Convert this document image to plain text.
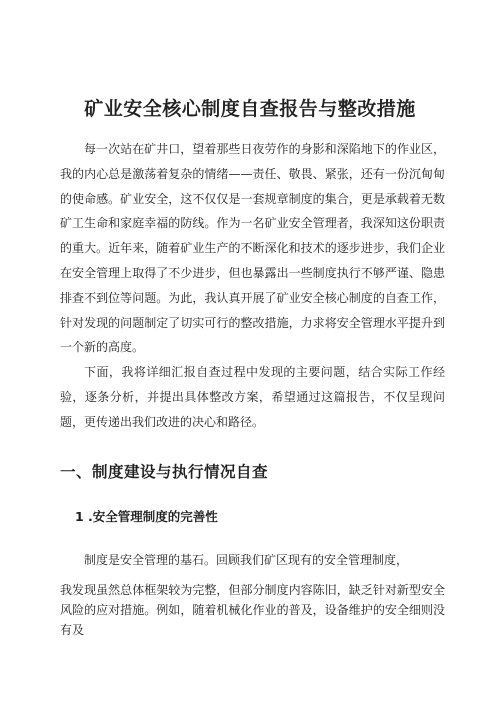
矿业安全核心制度自查报告与整改措施

每一次站在矿井口，望着那些日夜劳作的身影和深陷地下的作业区，我的内心总是激荡着复杂的情绪——责任、敬畏、紧张，还有一份沉甸甸的使命感。矿业安全，这不仅仅是一套规章制度的集合，更是承载着无数矿工生命和家庭幸福的防线。作为一名矿业安全管理者，我深知这份职责的重大。近年来，随着矿业生产的不断深化和技术的逐步进步，我们企业在安全管理上取得了不少进步，但也暴露出一些制度执行不够严谨、隐患排查不到位等问题。为此，我认真开展了矿业安全核心制度的自查工作，针对发现的问题制定了切实可行的整改措施，力求将安全管理水平提升到一个新的高度。

下面，我将详细汇报自查过程中发现的主要问题，结合实际工作经验，逐条分析，并提出具体整改方案，希望通过这篇报告，不仅呈现问题，更传递出我们改进的决心和路径。

一、制度建设与执行情况自查
1 .安全管理制度的完善性

制度是安全管理的基石。回顾我们矿区现有的安全管理制度，

我发现虽然总体框架较为完整，但部分制度内容陈旧，缺乏针对新型安全风险的应对措施。例如，随着机械化作业的普及，设备维护的安全细则没有及
